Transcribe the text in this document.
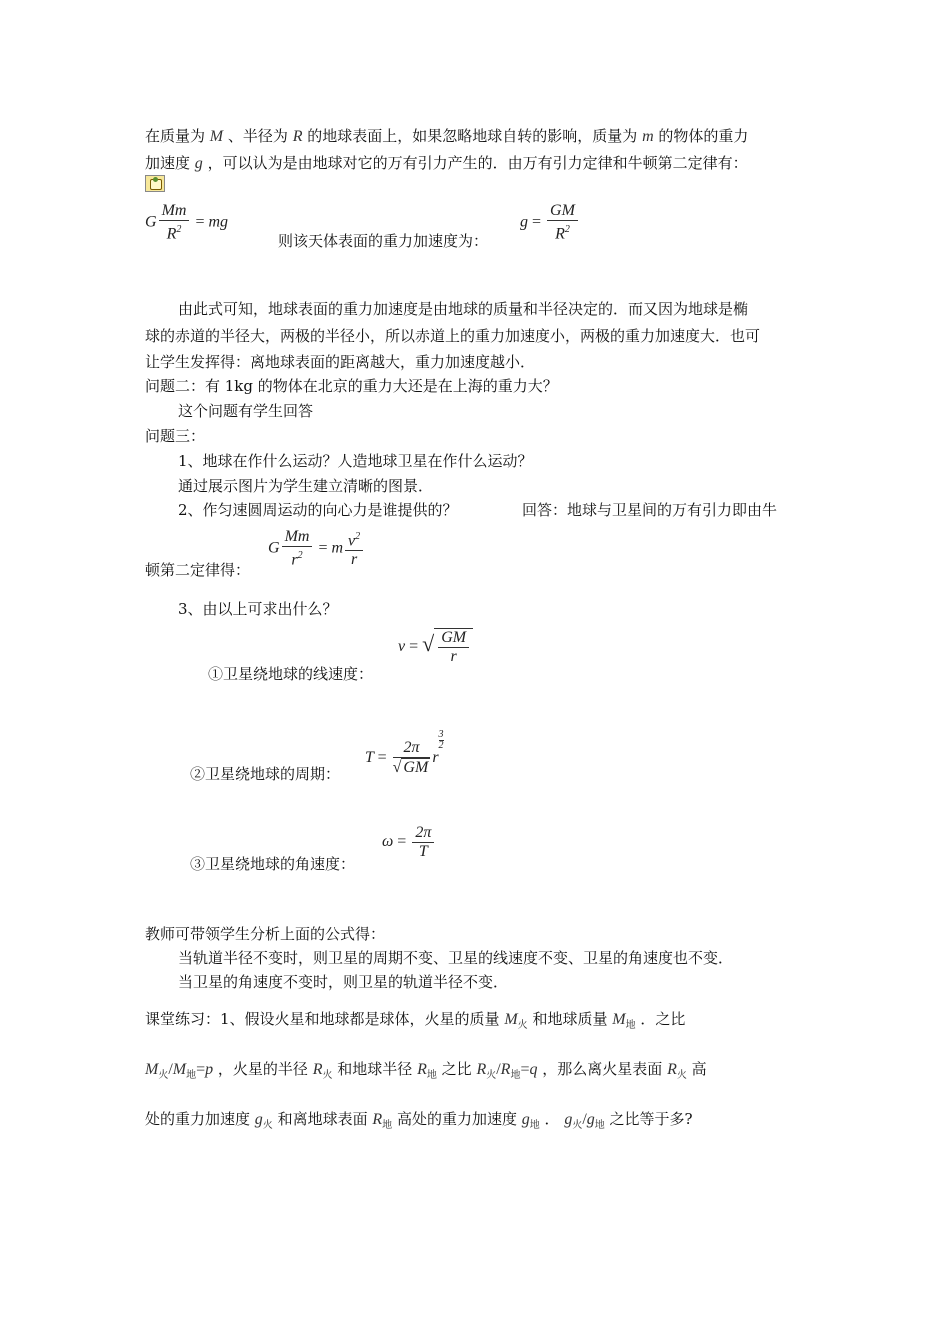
在质量为 M 、半径为 R 的地球表面上，如果忽略地球自转的影响，质量为 m 的物体的重力
加速度 g ，可以认为是由地球对它的万有引力产生的．由万有引力定律和牛顿第二定律有：
G $\frac{Mm}{R^2}$ = mg
则该天体表面的重力加速度为：
$g = \frac{GM}{R^2}$
由此式可知，地球表面的重力加速度是由地球的质量和半径决定的．而又因为地球是椭
球的赤道的半径大，两极的半径小，所以赤道上的重力加速度小，两极的重力加速度大．也可
让学生发挥得：离地球表面的距离越大，重力加速度越小．
问题二：有 1kg 的物体在北京的重力大还是在上海的重力大？
这个问题有学生回答
问题三：
1、地球在作什么运动？人造地球卫星在作什么运动？
通过展示图片为学生建立清晰的图景．
2、作匀速圆周运动的向心力是谁提供的？	回答：地球与卫星间的万有引力即由牛
G $\frac{Mm}{r^2} = m \frac{v^2}{r}$
顿第二定律得：
3、由以上可求出什么？
v = √ $\frac{GM}{r}$
①卫星绕地球的线速度：
$T = \frac{2\pi}{√ GM}$ r
$\frac{3}{2}$
②卫星绕地球的周期：
$\omega = \frac{2\pi}{T}$
③卫星绕地球的角速度：
教师可带领学生分析上面的公式得：
当轨道半径不变时，则卫星的周期不变、卫星的线速度不变、卫星的角速度也不变．
当卫星的角速度不变时，则卫星的轨道半径不变．
课堂练习：1、假设火星和地球都是球体，火星的质量 $M_火$ 和地球质量 $M_地$ ．之比
$M_火/M_地=p$ ，火星的半径 $R_火$ 和地球半径 $R_地$ 之比 $R_火/R_地=q$ ，那么离火星表面 $R_火$ 高
处的重力加速度 $g_火$ 和离地球表面 $R_地$ 高处的重力加速度 $g_地$ ． $g_火/g_地$ 之比等于多?
